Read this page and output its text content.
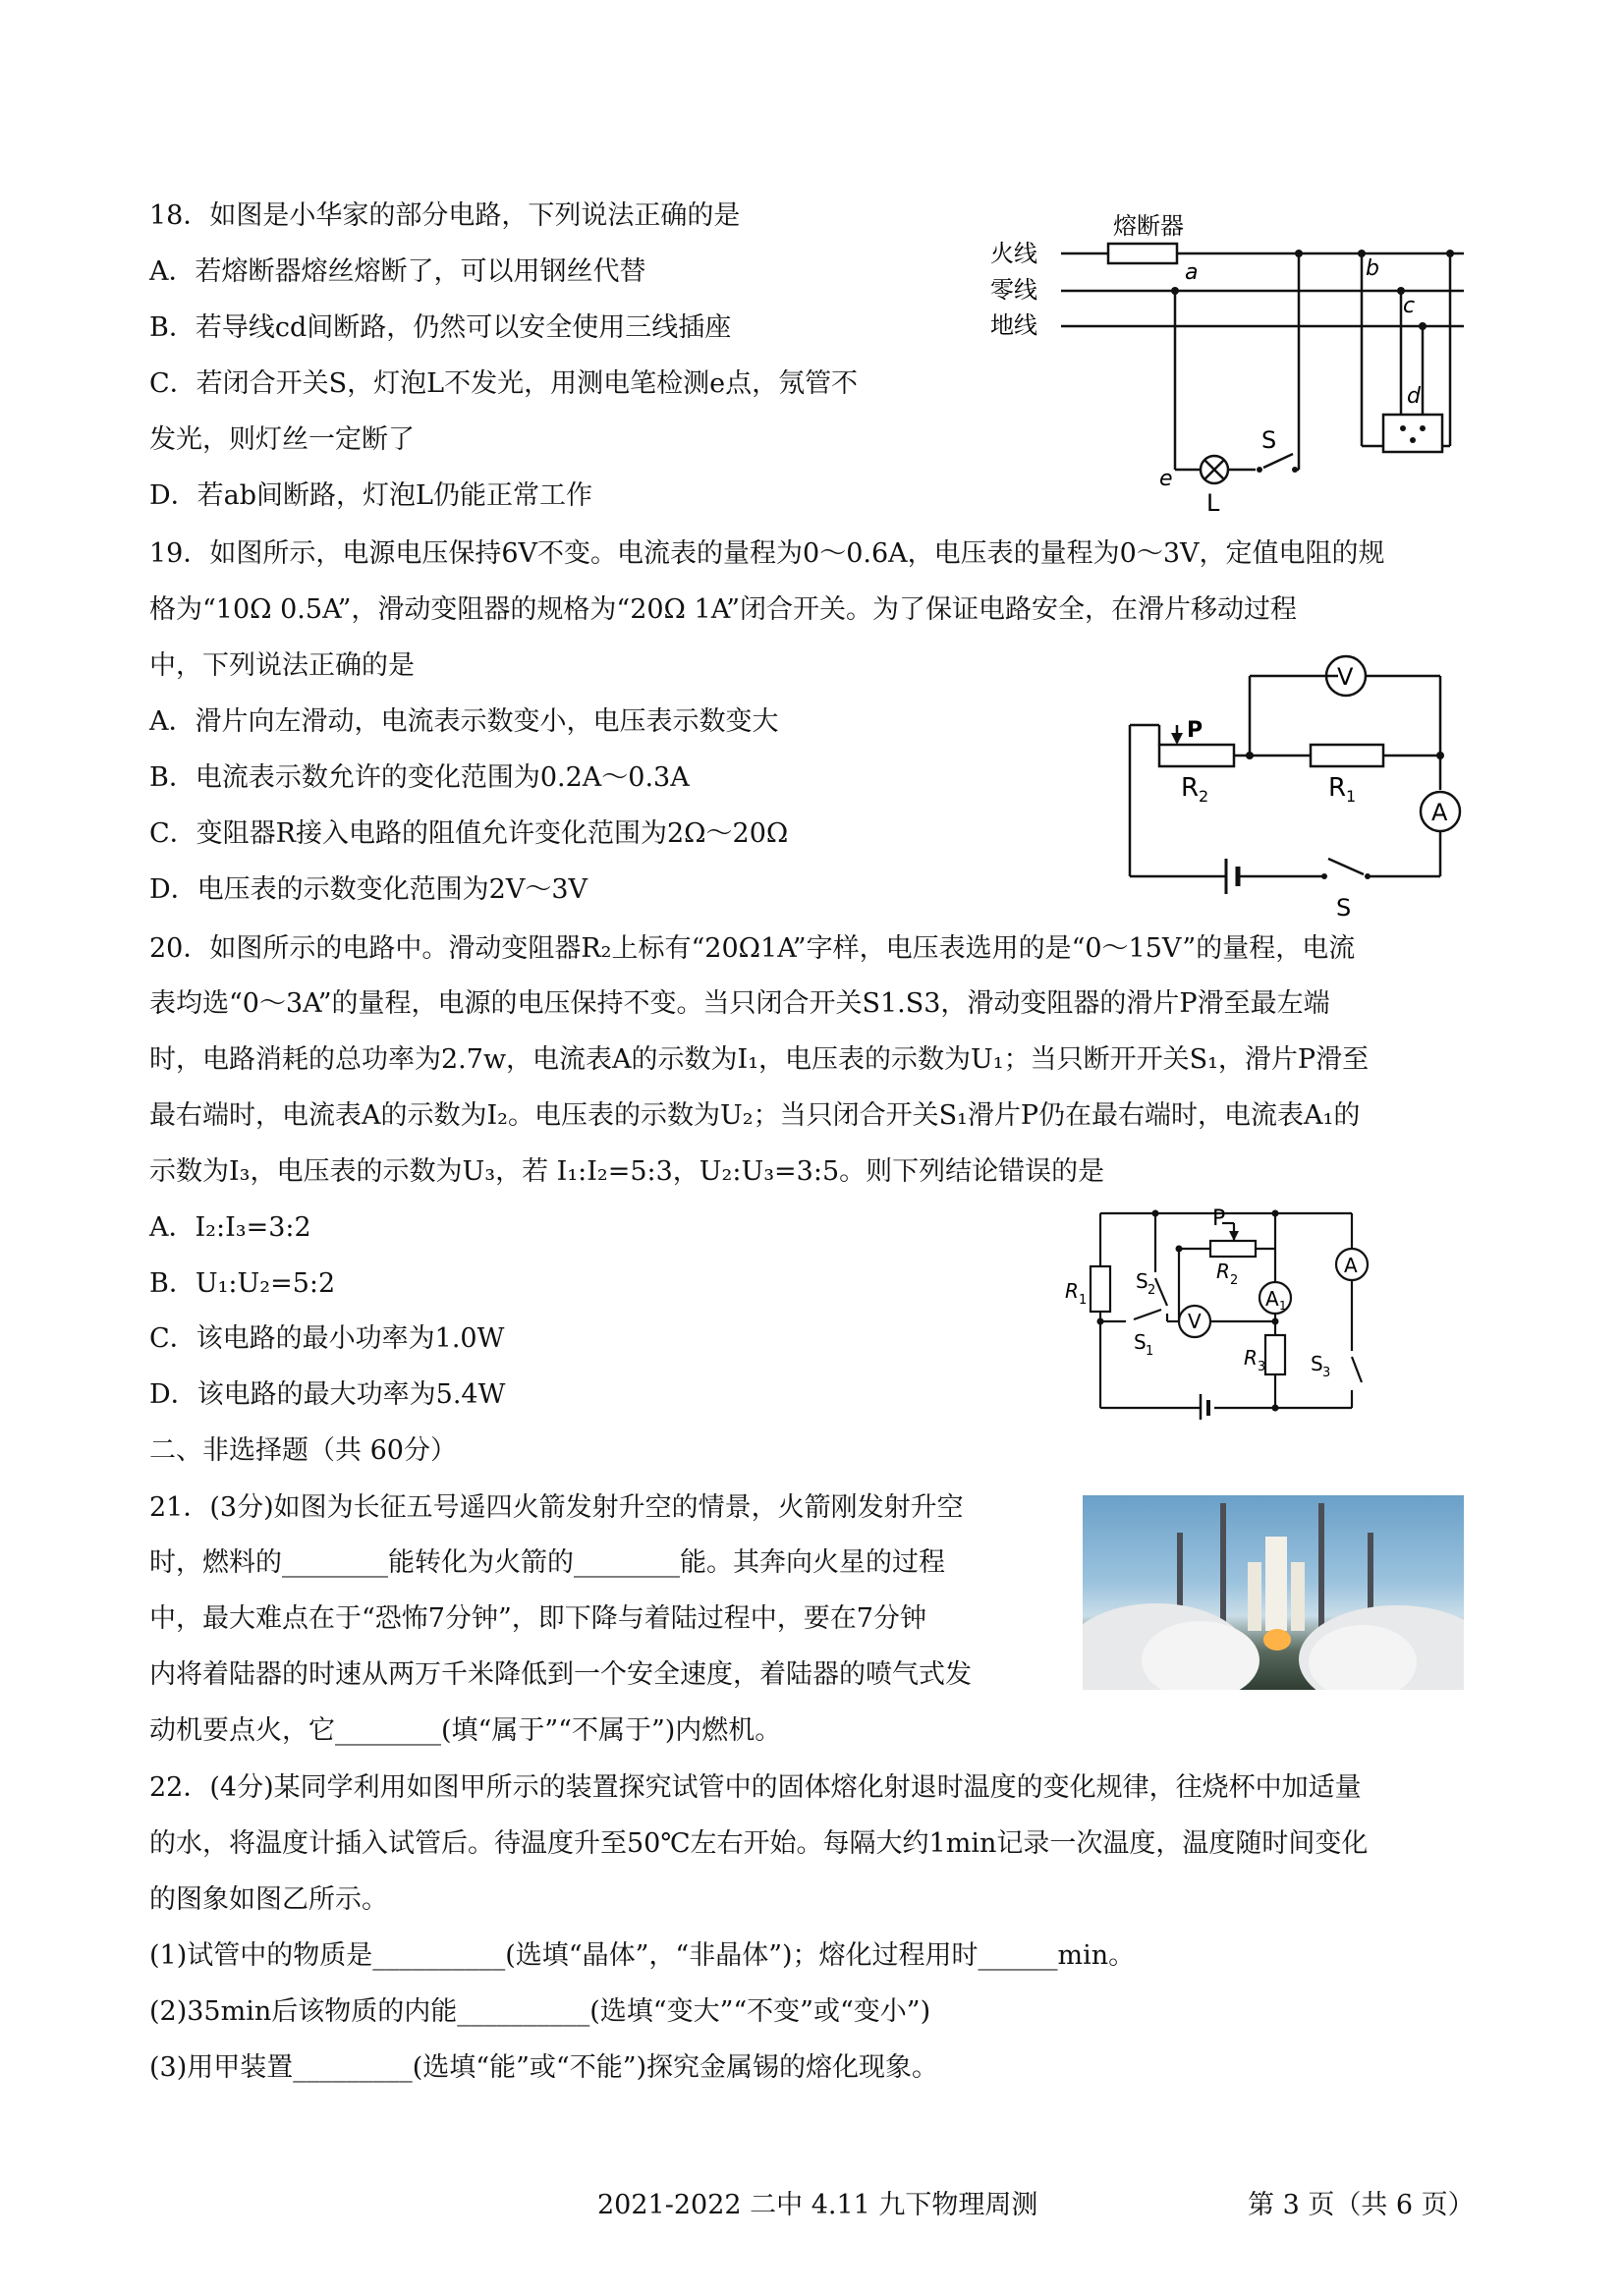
18．如图是小华家的部分电路，下列说法正确的是
A．若熔断器熔丝熔断了，可以用钢丝代替
B．若导线cd间断路，仍然可以安全使用三线插座
C．若闭合开关S，灯泡L不发光，用测电笔检测e点，氖管不
发光，则灯丝一定断了
D．若ab间断路，灯泡L仍能正常工作
熔断器
火线
零线
地线
a	b
c
d
e
S
L
19．如图所示，电源电压保持6V不变。电流表的量程为0～0.6A，电压表的量程为0～3V，定值电阻的规
格为“10Ω 0.5A”，滑动变阻器的规格为“20Ω 1A”闭合开关。为了保证电路安全，在滑片移动过程
中，下列说法正确的是
A．滑片向左滑动，电流表示数变小，电压表示数变大
B．电流表示数允许的变化范围为0.2A～0.3A
C．变阻器R接入电路的阻值允许变化范围为2Ω～20Ω
D．电压表的示数变化范围为2V～3V
V
A
P
R 2	R 1
S
20．如图所示的电路中。滑动变阻器R₂上标有“20Ω1A”字样，电压表选用的是“0～15V”的量程，电流
表均选“0～3A”的量程，电源的电压保持不变。当只闭合开关S1.S3，滑动变阻器的滑片P滑至最左端
时，电路消耗的总功率为2.7w，电流表A的示数为I₁，电压表的示数为U₁；当只断开开关S₁，滑片P滑至
最右端时，电流表A的示数为I₂。电压表的示数为U₂；当只闭合开关S₁滑片P仍在最右端时，电流表A₁的
示数为I₃，电压表的示数为U₃，若 I₁:I₂=5:3，U₂:U₃=3:5。则下列结论错误的是
A．I₂:I₃=3:2
B．U₁:U₂=5:2
C．该电路的最小功率为1.0W
D．该电路的最大功率为5.4W
P
R 1
R 2
R 3
S 2
S 1
S 3
A 1
A
V
二、非选择题（共 60分）
21．(3分)如图为长征五号遥四火箭发射升空的情景，火箭刚发射升空
时，燃料的________能转化为火箭的________能。其奔向火星的过程
中，最大难点在于“恐怖7分钟”，即下降与着陆过程中，要在7分钟
内将着陆器的时速从两万千米降低到一个安全速度，着陆器的喷气式发
动机要点火，它________(填“属于”“不属于”)内燃机。
22．(4分)某同学利用如图甲所示的装置探究试管中的固体熔化射退时温度的变化规律，往烧杯中加适量
的水，将温度计插入试管后。待温度升至50℃左右开始。每隔大约1min记录一次温度，温度随时间变化
的图象如图乙所示。
(1)试管中的物质是__________(选填“晶体”，“非晶体”)；熔化过程用时______min。
(2)35min后该物质的内能__________(选填“变大”“不变”或“变小”)
(3)用甲装置_________(选填“能”或“不能”)探究金属锡的熔化现象。
2021-2022 二中 4.11 九下物理周测	第 3 页（共 6 页）
